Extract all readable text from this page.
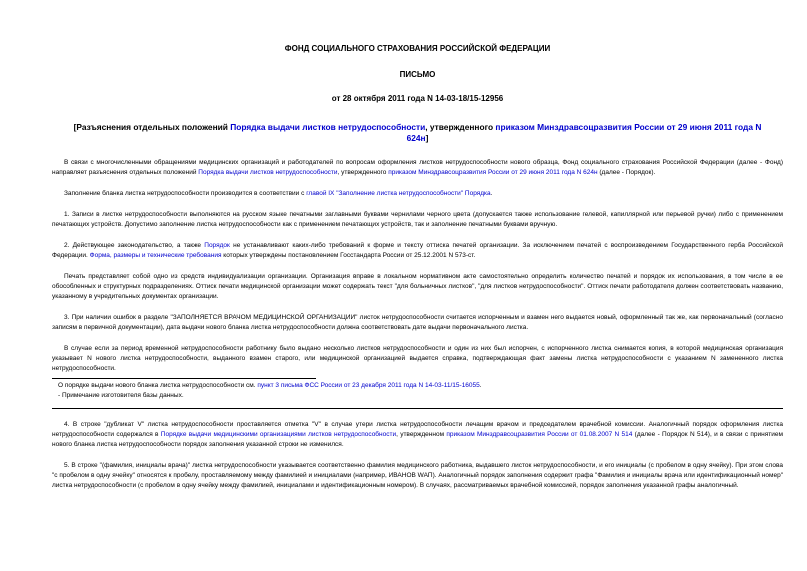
ФОНД СОЦИАЛЬНОГО СТРАХОВАНИЯ РОССИЙСКОЙ ФЕДЕРАЦИИ
ПИСЬМО
от 28 октября 2011 года N 14-03-18/15-12956
[Разъяснения отдельных положений Порядка выдачи листков нетрудоспособности, утвержденного приказом Минздравсоцразвития России от 29 июня 2011 года N 624н]

В связи с многочисленными обращениями медицинских организаций и работодателей по вопросам оформления листков нетрудоспособности нового образца, Фонд социального страхования Российской Федерации (далее - Фонд) направляет разъяснения отдельных положений Порядка выдачи листков нетрудоспособности, утвержденного приказом Минздравсоцразвития России от 29 июня 2011 года N 624н (далее - Порядок).

Заполнение бланка листка нетрудоспособности производится в соответствии с главой IX "Заполнение листка нетрудоспособности" Порядка.

1. Записи в листке нетрудоспособности выполняются на русском языке печатными заглавными буквами чернилами черного цвета (допускается также использование гелевой, капиллярной или перьевой ручки) либо с применением печатающих устройств. Допустимо заполнение листка нетрудоспособности как с применением печатающих устройств, так и заполнение печатными буквами вручную.

2. Действующее законодательство, а также Порядок не устанавливают каких-либо требований к форме и тексту оттиска печатей организации. За исключением печатей с воспроизведением Государственного герба Российской Федерации. Форма, размеры и технические требования которых утверждены постановлением Госстандарта России от 25.12.2001 N 573-ст.

Печать представляет собой одно из средств индивидуализации организации. Организация вправе в локальном нормативном акте самостоятельно определить количество печатей и порядок их использования, в том числе в ее обособленных и структурных подразделениях. Оттиск печати медицинской организации может содержать текст "для больничных листков", "для листков нетрудоспособности". Оттиск печати работодателя должен соответствовать названию, указанному в учредительных документах организации.

3. При наличии ошибок в разделе "ЗАПОЛНЯЕТСЯ ВРАЧОМ МЕДИЦИНСКОЙ ОРГАНИЗАЦИИ" листок нетрудоспособности считается испорченным и взамен него выдается новый, оформленный так же, как первоначальный (согласно записям в первичной документации), дата выдачи нового бланка листка нетрудоспособности должна соответствовать дате выдачи первоначального листка.

В случае если за период временной нетрудоспособности работнику было выдано несколько листков нетрудоспособности и один из них был испорчен, с испорченного листка снимается копия, в которой медицинская организация указывает N нового листка нетрудоспособности, выданного взамен старого, или медицинской организацией выдается справка, подтверждающая факт замены листка нетрудоспособности с указанием N замененного листка нетрудоспособности.

О порядке выдачи нового бланка листка нетрудоспособности см. пункт 3 письма ФСС России от 23 декабря 2011 года N 14-03-11/15-16055.

- Примечание изготовителя базы данных.

4. В строке "дубликат V" листка нетрудоспособности проставляется отметка "V" в случае утери листка нетрудоспособности лечащим врачом и председателем врачебной комиссии. Аналогичный порядок оформления листка нетрудоспособности содержался в Порядке выдачи медицинскими организациями листков нетрудоспособности, утвержденном приказом Минздравсоцразвития России от 01.08.2007 N 514 (далее - Порядок N 514), и в связи с принятием нового бланка листка нетрудоспособности порядок заполнения указанной строки не изменился.

5. В строке "(фамилия, инициалы врача)" листка нетрудоспособности указывается соответственно фамилия медицинского работника, выдавшего листок нетрудоспособности, и его инициалы (с пробелом в одну ячейку). При этом слова "с пробелом в одну ячейку" относятся к пробелу, проставляемому между фамилией и инициалами (например, ИВАНОВ WAП). Аналогичный порядок заполнения содержит графа "Фамилия и инициалы врача или идентификационный номер" листка нетрудоспособности (с пробелом в одну ячейку между фамилией, инициалами и идентификационным номером). В случаях, рассматриваемых врачебной комиссией, порядок заполнения указанной графы аналогичный.
